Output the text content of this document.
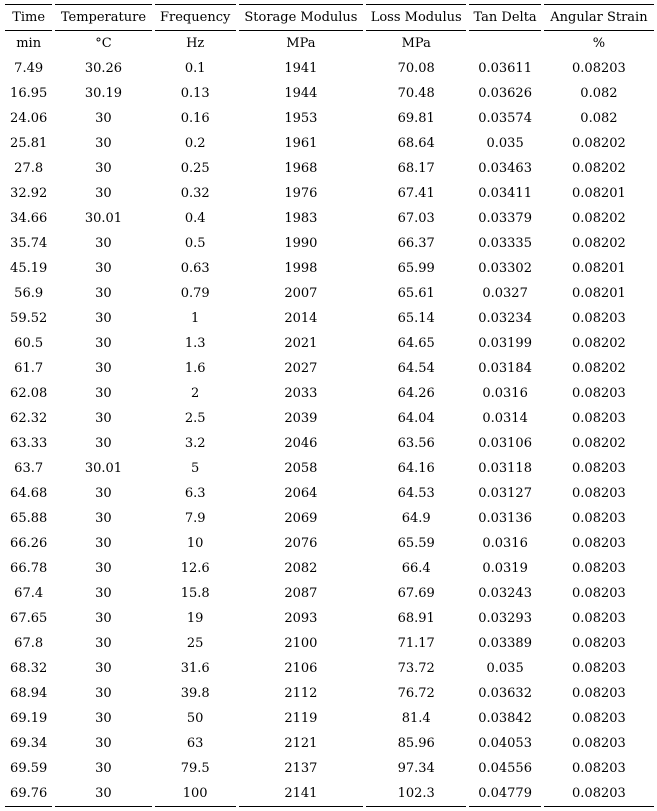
Time	Temperature	Frequency	Storage Modulus	Loss Modulus	Tan Delta	Angular Strain
min	°C	Hz	MPa	MPa		%
7.49	30.26	0.1	1941	70.08	0.03611	0.08203
16.95	30.19	0.13	1944	70.48	0.03626	0.082
24.06	30	0.16	1953	69.81	0.03574	0.082
25.81	30	0.2	1961	68.64	0.035	0.08202
27.8	30	0.25	1968	68.17	0.03463	0.08202
32.92	30	0.32	1976	67.41	0.03411	0.08201
34.66	30.01	0.4	1983	67.03	0.03379	0.08202
35.74	30	0.5	1990	66.37	0.03335	0.08202
45.19	30	0.63	1998	65.99	0.03302	0.08201
56.9	30	0.79	2007	65.61	0.0327	0.08201
59.52	30	1	2014	65.14	0.03234	0.08203
60.5	30	1.3	2021	64.65	0.03199	0.08202
61.7	30	1.6	2027	64.54	0.03184	0.08202
62.08	30	2	2033	64.26	0.0316	0.08203
62.32	30	2.5	2039	64.04	0.0314	0.08203
63.33	30	3.2	2046	63.56	0.03106	0.08202
63.7	30.01	5	2058	64.16	0.03118	0.08203
64.68	30	6.3	2064	64.53	0.03127	0.08203
65.88	30	7.9	2069	64.9	0.03136	0.08203
66.26	30	10	2076	65.59	0.0316	0.08203
66.78	30	12.6	2082	66.4	0.0319	0.08203
67.4	30	15.8	2087	67.69	0.03243	0.08203
67.65	30	19	2093	68.91	0.03293	0.08203
67.8	30	25	2100	71.17	0.03389	0.08203
68.32	30	31.6	2106	73.72	0.035	0.08203
68.94	30	39.8	2112	76.72	0.03632	0.08203
69.19	30	50	2119	81.4	0.03842	0.08203
69.34	30	63	2121	85.96	0.04053	0.08203
69.59	30	79.5	2137	97.34	0.04556	0.08203
69.76	30	100	2141	102.3	0.04779	0.08203
